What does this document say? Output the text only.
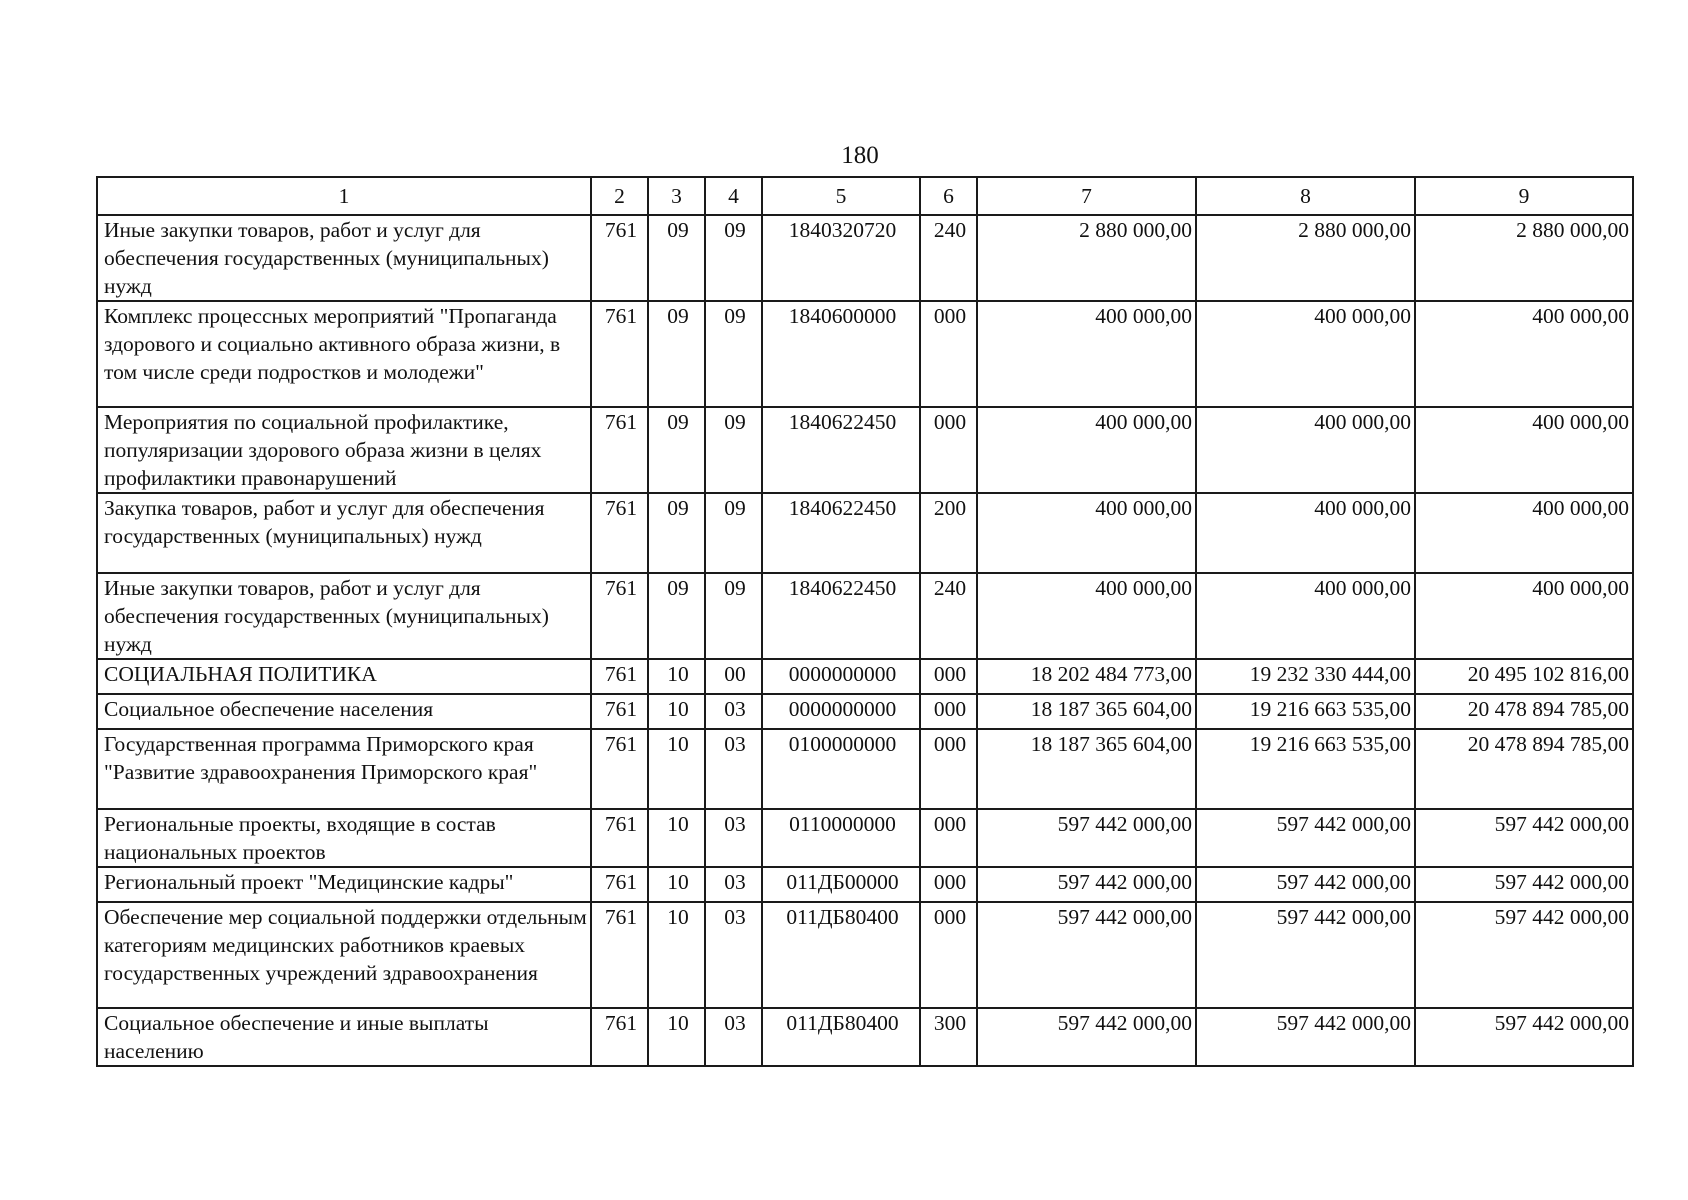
180
1	2	3	4	5	6	7	8	9
Иные закупки товаров, работ и услуг для обеспечения государственных (муниципальных) нужд	761	09	09	1840320720	240	2 880 000,00	2 880 000,00	2 880 000,00
Комплекс процессных мероприятий "Пропаганда здорового и социально активного образа жизни, в том числе среди подростков и молодежи"	761	09	09	1840600000	000	400 000,00	400 000,00	400 000,00
Мероприятия по социальной профилактике, популяризации здорового образа жизни в целях профилактики правонарушений	761	09	09	1840622450	000	400 000,00	400 000,00	400 000,00
Закупка товаров, работ и услуг для обеспечения государственных (муниципальных) нужд	761	09	09	1840622450	200	400 000,00	400 000,00	400 000,00
Иные закупки товаров, работ и услуг для обеспечения государственных (муниципальных) нужд	761	09	09	1840622450	240	400 000,00	400 000,00	400 000,00
СОЦИАЛЬНАЯ ПОЛИТИКА	761	10	00	0000000000	000	18 202 484 773,00	19 232 330 444,00	20 495 102 816,00
Социальное обеспечение населения	761	10	03	0000000000	000	18 187 365 604,00	19 216 663 535,00	20 478 894 785,00
Государственная программа Приморского края "Развитие здравоохранения Приморского края"	761	10	03	0100000000	000	18 187 365 604,00	19 216 663 535,00	20 478 894 785,00
Региональные проекты, входящие в состав национальных проектов	761	10	03	0110000000	000	597 442 000,00	597 442 000,00	597 442 000,00
Региональный проект "Медицинские кадры"	761	10	03	011ДБ00000	000	597 442 000,00	597 442 000,00	597 442 000,00
Обеспечение мер социальной поддержки отдельным категориям медицинских работников краевых государственных учреждений здравоохранения	761	10	03	011ДБ80400	000	597 442 000,00	597 442 000,00	597 442 000,00
Социальное обеспечение и иные выплаты населению	761	10	03	011ДБ80400	300	597 442 000,00	597 442 000,00	597 442 000,00
